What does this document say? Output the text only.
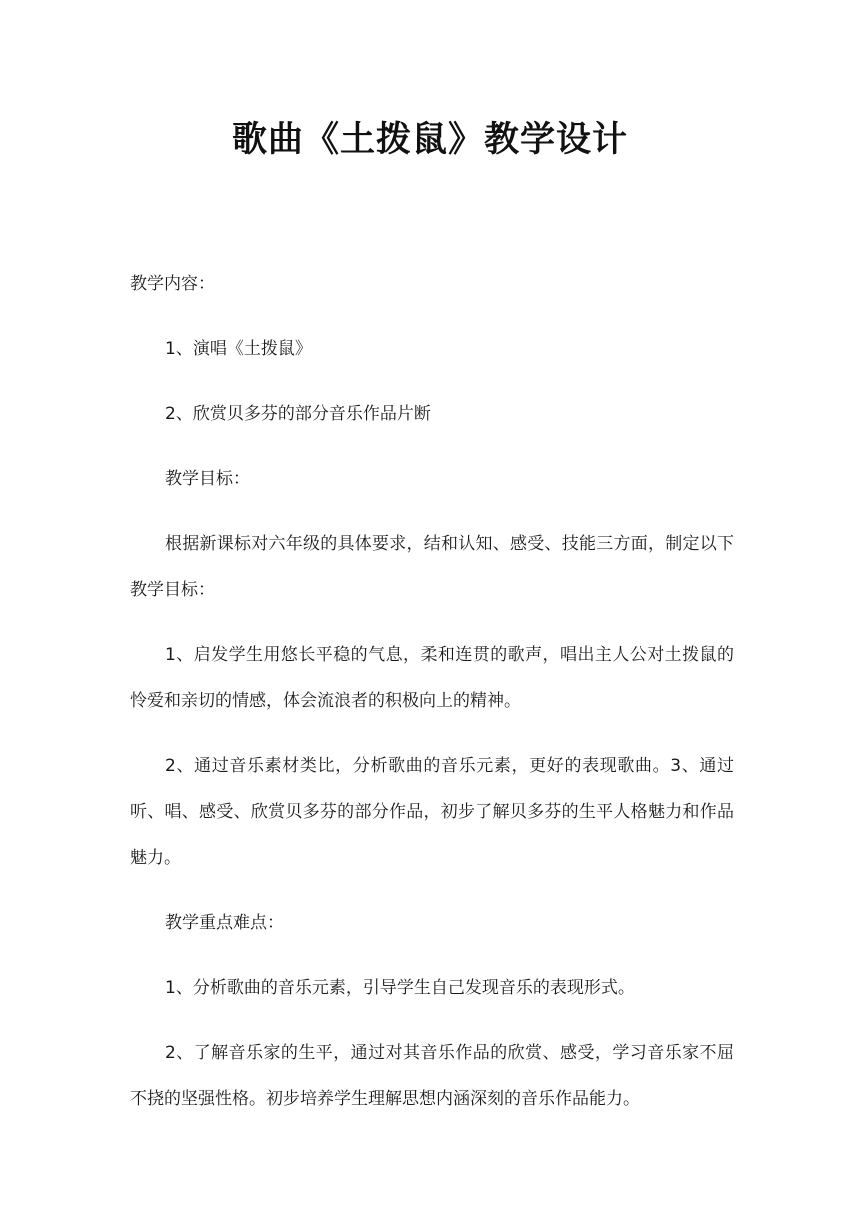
歌曲《土拨鼠》教学设计

教学内容：

1、演唱《土拨鼠》

2、欣赏贝多芬的部分音乐作品片断

教学目标：

根据新课标对六年级的具体要求，结和认知、感受、技能三方面，制定以下教学目标：

1、启发学生用悠长平稳的气息，柔和连贯的歌声，唱出主人公对土拨鼠的怜爱和亲切的情感，体会流浪者的积极向上的精神。

2、通过音乐素材类比，分析歌曲的音乐元素，更好的表现歌曲。3、通过听、唱、感受、欣赏贝多芬的部分作品，初步了解贝多芬的生平人格魅力和作品魅力。

教学重点难点：

1、分析歌曲的音乐元素，引导学生自己发现音乐的表现形式。

2、了解音乐家的生平，通过对其音乐作品的欣赏、感受，学习音乐家不屈不挠的坚强性格。初步培养学生理解思想内涵深刻的音乐作品能力。
